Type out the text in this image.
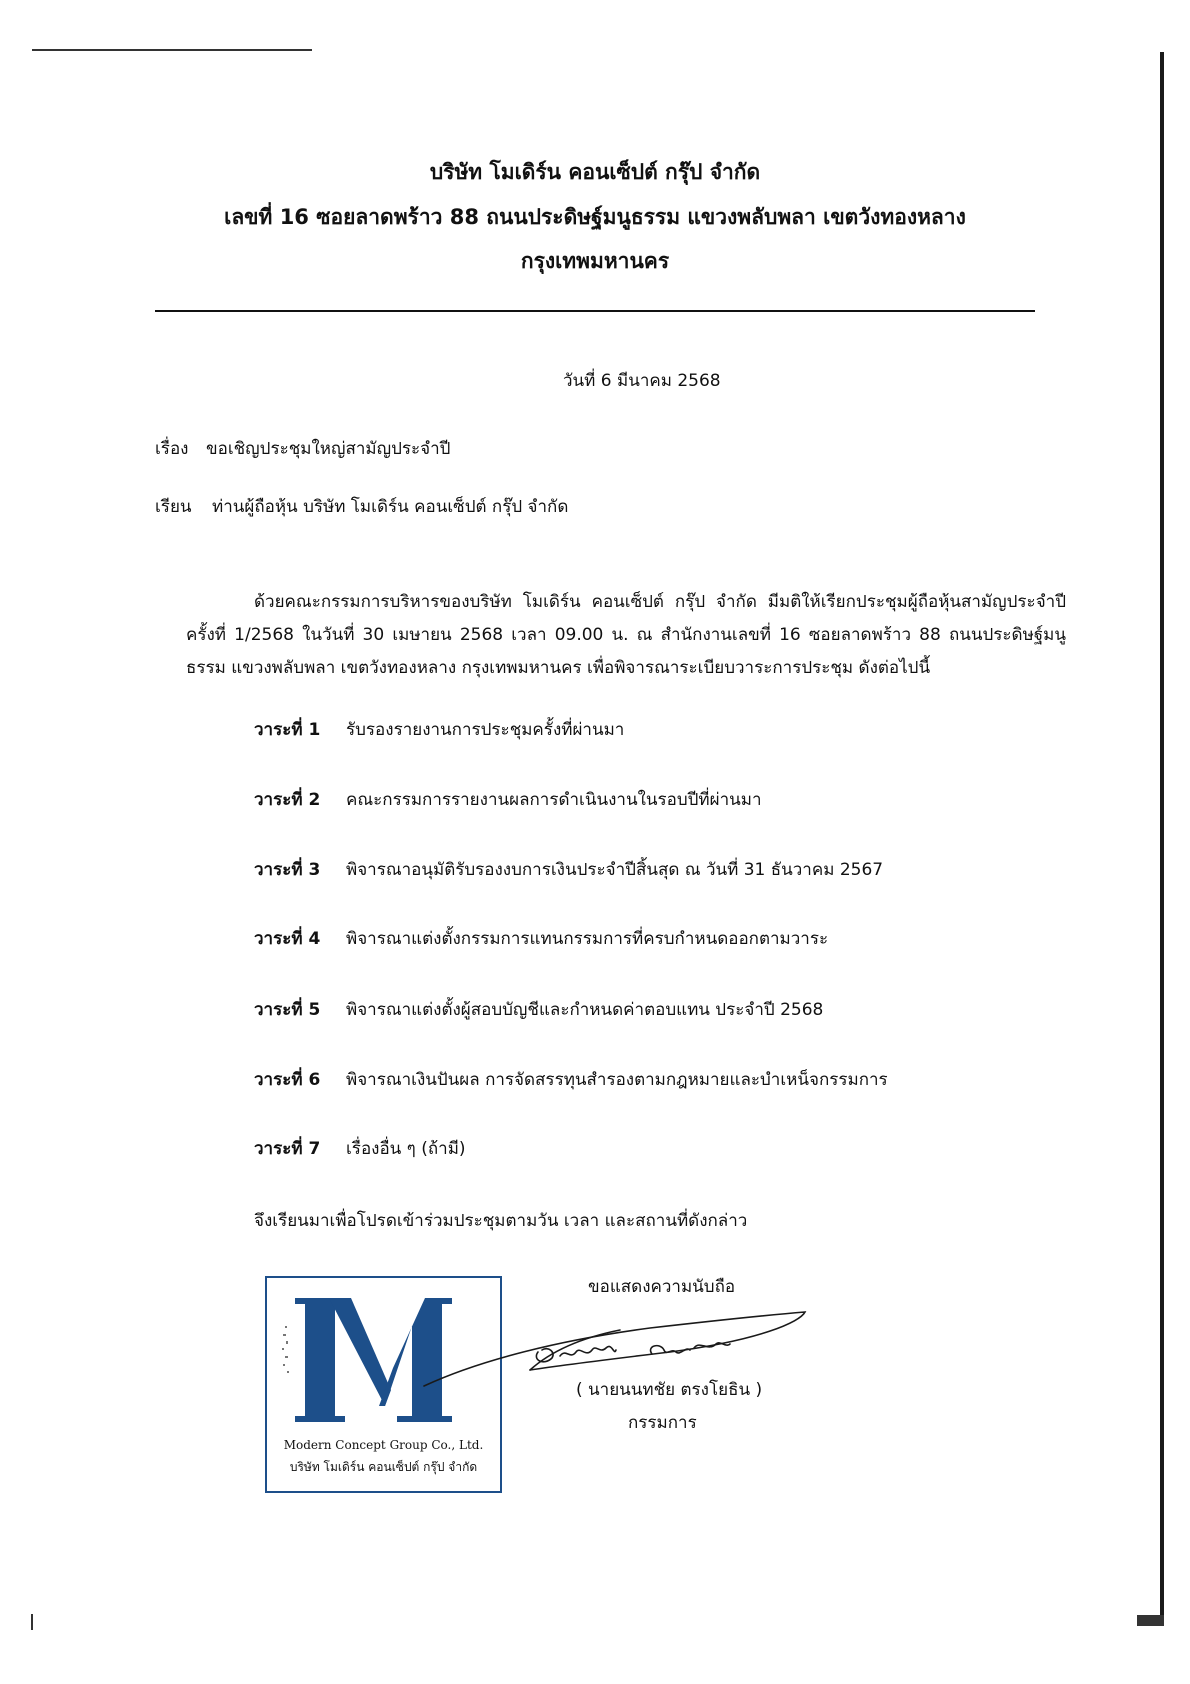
บริษัท โมเดิร์น คอนเซ็ปต์ กรุ๊ป จำกัด
เลขที่ 16 ซอยลาดพร้าว 88 ถนนประดิษฐ์มนูธรรม แขวงพลับพลา เขตวังทองหลาง
กรุงเทพมหานคร
วันที่ 6 มีนาคม 2568
เรื่อง ขอเชิญประชุมใหญ่สามัญประจำปี
เรียน ท่านผู้ถือหุ้น บริษัท โมเดิร์น คอนเซ็ปต์ กรุ๊ป จำกัด
ด้วยคณะกรรมการบริหารของบริษัท โมเดิร์น คอนเซ็ปต์ กรุ๊ป จำกัด มีมติให้เรียกประชุมผู้ถือหุ้นสามัญประจำปี ครั้งที่ 1/2568 ในวันที่ 30 เมษายน 2568 เวลา 09.00 น. ณ สำนักงานเลขที่ 16 ซอยลาดพร้าว 88 ถนนประดิษฐ์มนูธรรม แขวงพลับพลา เขตวังทองหลาง กรุงเทพมหานคร เพื่อพิจารณาระเบียบวาระการประชุม ดังต่อไปนี้
วาระที่ 1 รับรองรายงานการประชุมครั้งที่ผ่านมา
วาระที่ 2 คณะกรรมการรายงานผลการดำเนินงานในรอบปีที่ผ่านมา
วาระที่ 3 พิจารณาอนุมัติรับรองงบการเงินประจำปีสิ้นสุด ณ วันที่ 31 ธันวาคม 2567
วาระที่ 4 พิจารณาแต่งตั้งกรรมการแทนกรรมการที่ครบกำหนดออกตามวาระ
วาระที่ 5 พิจารณาแต่งตั้งผู้สอบบัญชีและกำหนดค่าตอบแทน ประจำปี 2568
วาระที่ 6 พิจารณาเงินปันผล การจัดสรรทุนสำรองตามกฎหมายและบำเหน็จกรรมการ
วาระที่ 7 เรื่องอื่น ๆ (ถ้ามี)
จึงเรียนมาเพื่อโปรดเข้าร่วมประชุมตามวัน เวลา และสถานที่ดังกล่าว
Modern Concept Group Co., Ltd.
บริษัท โมเดิร์น คอนเซ็ปต์ กรุ๊ป จำกัด
ขอแสดงความนับถือ
( นายนนทชัย ตรงโยธิน )
กรรมการ
